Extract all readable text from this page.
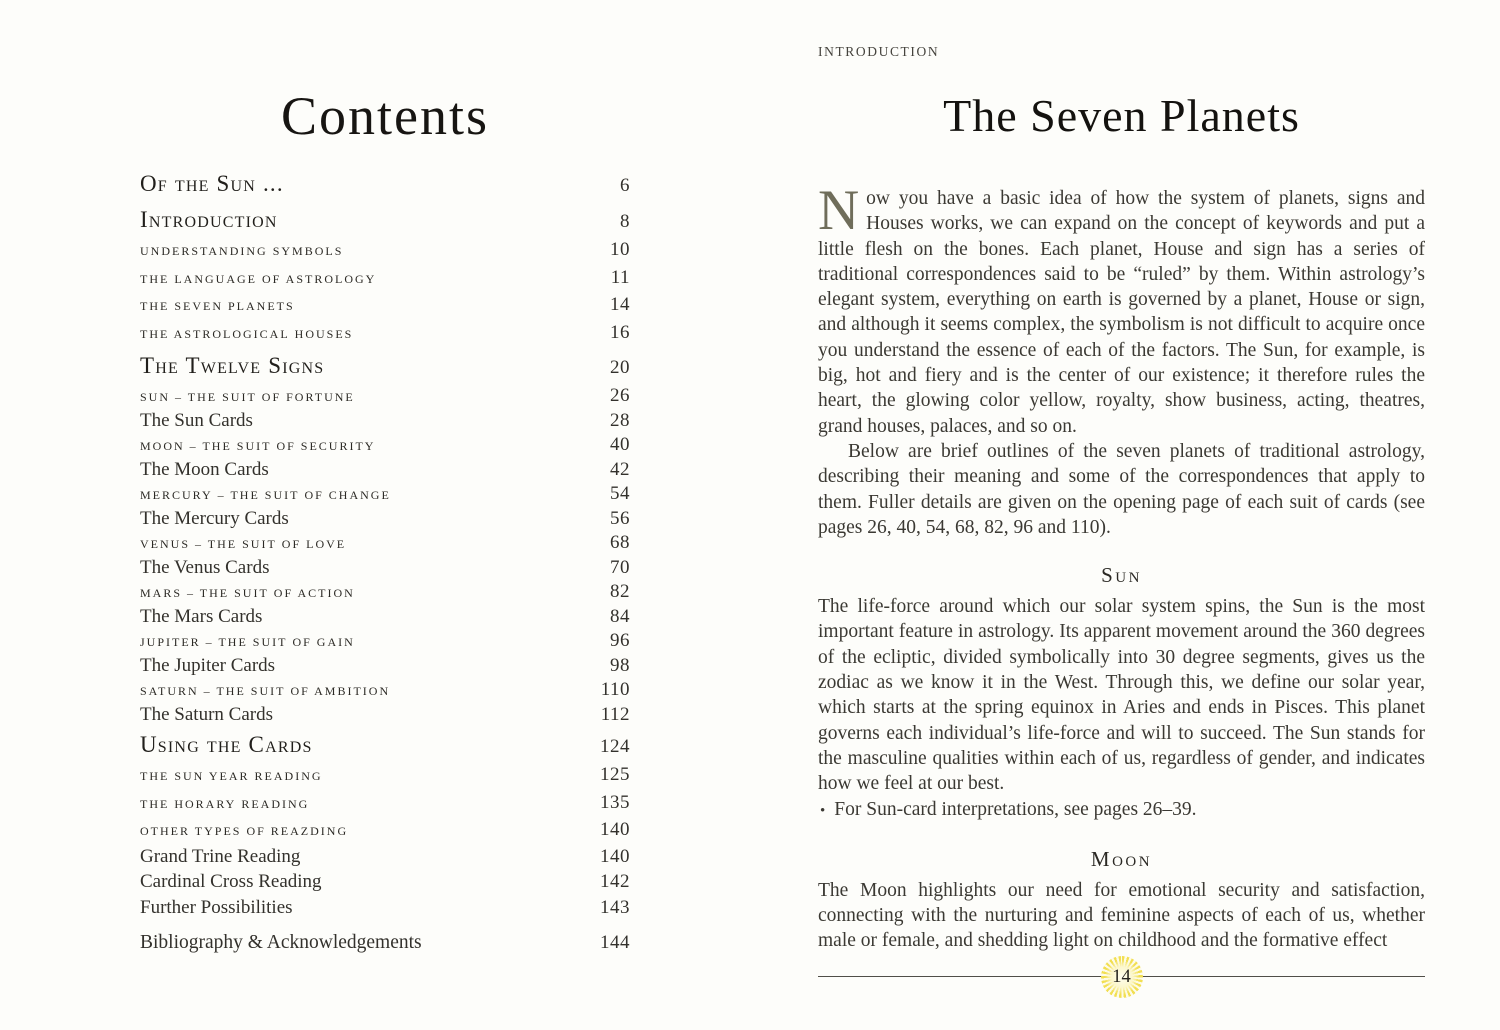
Contents
Of the Sun ...	6
Introduction	8
Understanding Symbols	10
The Language of Astrology	11
The Seven Planets	14
The Astrological Houses	16
The Twelve Signs	20
Sun – The Suit of Fortune	26
The Sun Cards	28
Moon – The Suit of Security	40
The Moon Cards	42
Mercury – The Suit of Change	54
The Mercury Cards	56
Venus – The Suit of Love	68
The Venus Cards	70
Mars – The Suit of Action	82
The Mars Cards	84
Jupiter – The Suit of Gain	96
The Jupiter Cards	98
Saturn – The Suit of Ambition	110
The Saturn Cards	112
Using the Cards	124
The Sun Year Reading	125
The Horary Reading	135
Other Types of Reazding	140
Grand Trine Reading	140
Cardinal Cross Reading	142
Further Possibilities	143
Bibliography & Acknowledgements	144
INTRODUCTION
The Seven Planets

Now you have a basic idea of how the system of planets, signs and Houses works, we can expand on the concept of keywords and put a little flesh on the bones. Each planet, House and sign has a series of traditional correspondences said to be “ruled” by them. Within astrology’s elegant system, everything on earth is governed by a planet, House or sign, and although it seems complex, the symbolism is not difficult to acquire once you understand the essence of each of the factors. The Sun, for example, is big, hot and fiery and is the center of our existence; it therefore rules the heart, the glowing color yellow, royalty, show business, acting, theatres, grand houses, palaces, and so on.

Below are brief outlines of the seven planets of traditional astrology, describing their meaning and some of the correspondences that apply to them. Fuller details are given on the opening page of each suit of cards (see pages 26, 40, 54, 68, 82, 96 and 110).

Sun

The life-force around which our solar system spins, the Sun is the most important feature in astrology. Its apparent movement around the 360 degrees of the ecliptic, divided symbolically into 30 degree segments, gives us the zodiac as we know it in the West. Through this, we define our solar year, which starts at the spring equinox in Aries and ends in Pisces. This planet governs each individual’s life-force and will to succeed. The Sun stands for the masculine qualities within each of us, regardless of gender, and indicates how we feel at our best.

• For Sun-card interpretations, see pages 26–39.

Moon

The Moon highlights our need for emotional security and satisfaction, connecting with the nurturing and feminine aspects of each of us, whether male or female, and shedding light on childhood and the formative effect

14
